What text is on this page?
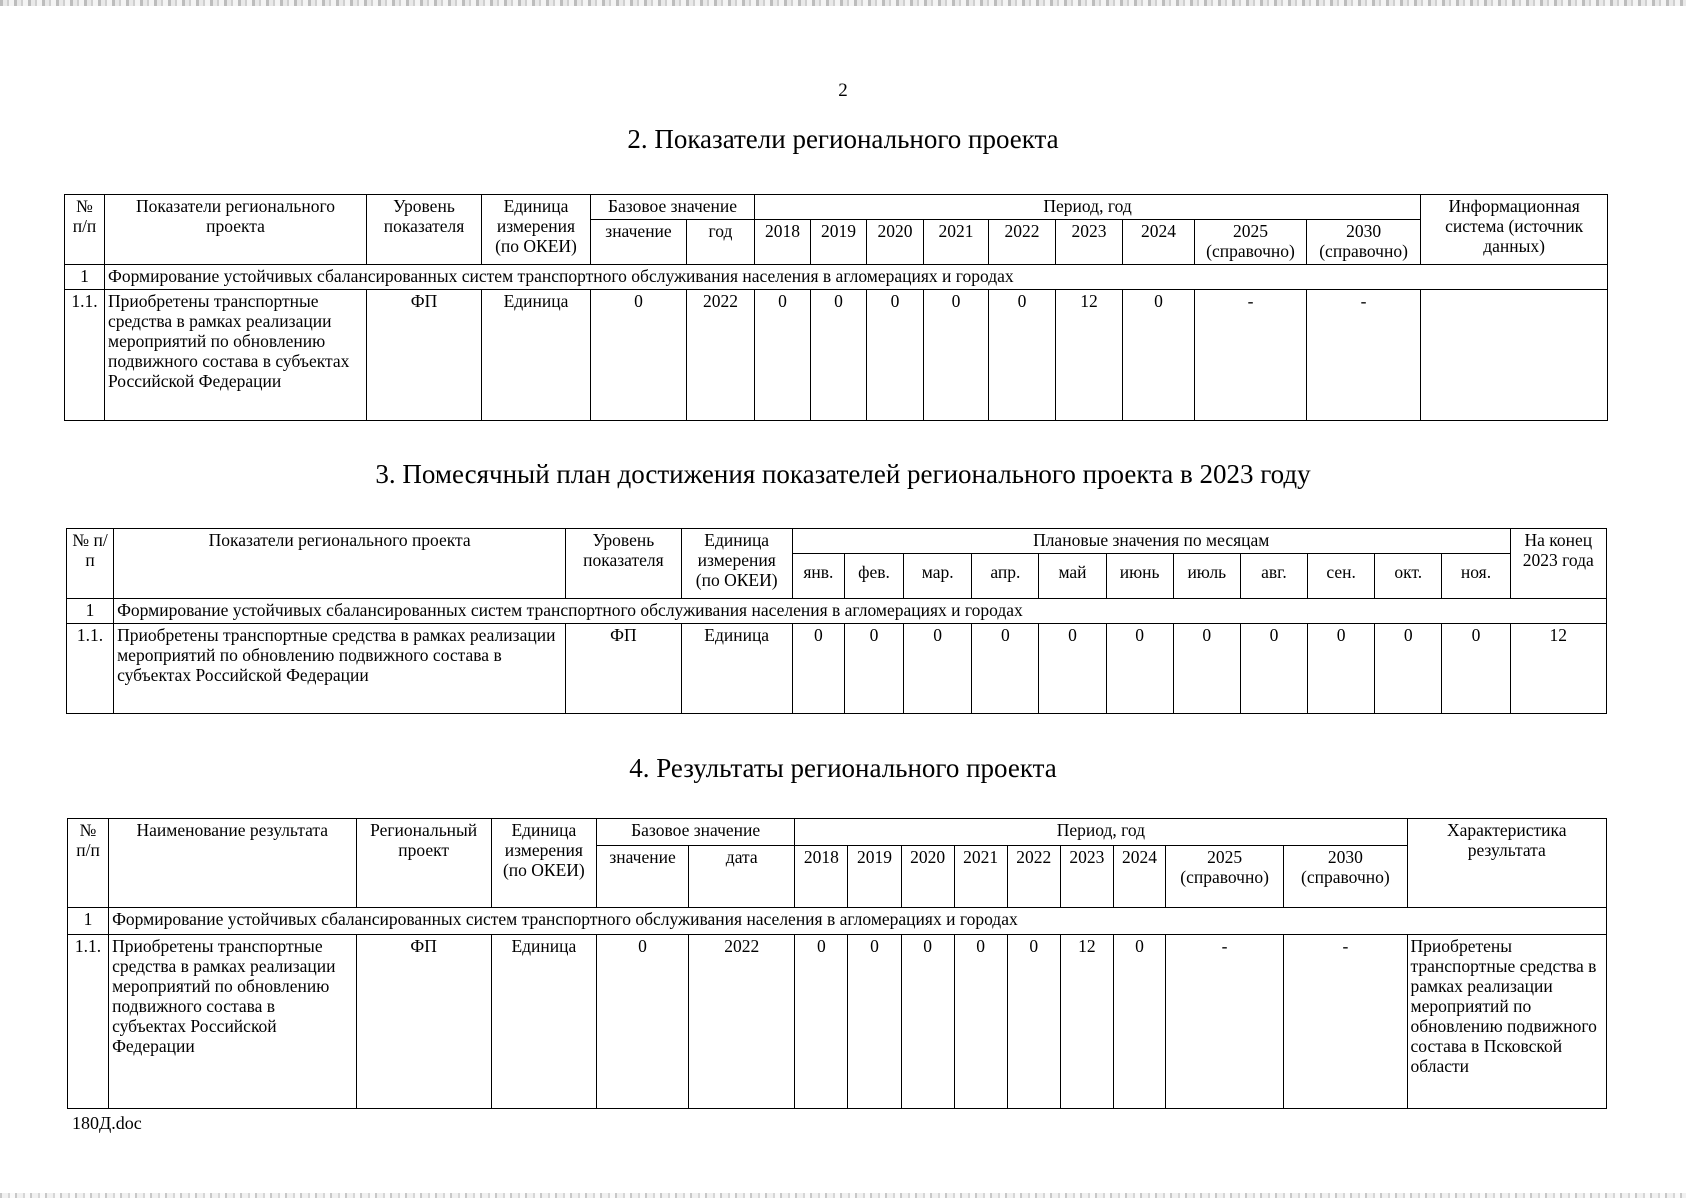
2
2. Показатели регионального проекта
№ п/п	Показатели регионального проекта	Уровень показателя	Единица измерения (по ОКЕИ)	Базовое значение		Период, год									Информационная система (источник данных)
				значение	год	2018	2019	2020	2021	2022	2023	2024	2025 (справочно)	2030 (справочно)	
1	Формирование устойчивых сбалансированных систем транспортного обслуживания населения в агломерациях и городах														
1.1.	Приобретены транспортные средства в рамках реализации мероприятий по обновлению подвижного состава в субъектах Российской Федерации	ФП	Единица	0	2022	0	0	0	0	0	12	0	-	-	
3. Помесячный план достижения показателей регионального проекта в 2023 году
№ п/п	Показатели регионального проекта	Уровень показателя	Единица измерения (по ОКЕИ)	Плановые значения по месяцам											На конец 2023 года
				янв.	фев.	мар.	апр.	май	июнь	июль	авг.	сен.	окт.	ноя.	
1	Формирование устойчивых сбалансированных систем транспортного обслуживания населения в агломерациях и городах														
1.1.	Приобретены транспортные средства в рамках реализации мероприятий по обновлению подвижного состава в субъектах Российской Федерации	ФП	Единица	0	0	0	0	0	0	0	0	0	0	0	12
4. Результаты регионального проекта
№ п/п	Наименование результата	Региональный проект	Единица измерения (по ОКЕИ)	Базовое значение		Период, год									Характеристика результата
				значение	дата	2018	2019	2020	2021	2022	2023	2024	2025 (справочно)	2030 (справочно)	
1	Формирование устойчивых сбалансированных систем транспортного обслуживания населения в агломерациях и городах														
1.1.	Приобретены транспортные средства в рамках реализации мероприятий по обновлению подвижного состава в субъектах Российской Федерации	ФП	Единица	0	2022	0	0	0	0	0	12	0	-	-	Приобретены транспортные средства в рамках реализации мероприятий по обновлению подвижного состава в Псковской области
180Д.doc
